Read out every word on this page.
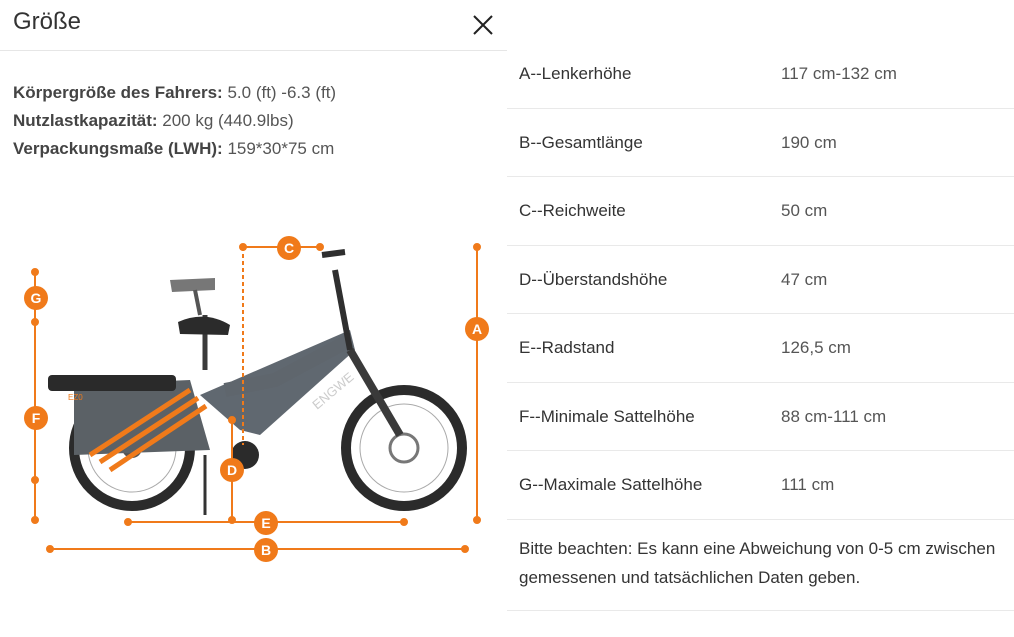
Größe
Körpergröße des Fahrers: 5.0 (ft) -6.3 (ft)
Nutzlastkapazität: 200 kg (440.9lbs)
Verpackungsmaße (LWH): 159*30*75 cm
ENGWE
EZ0
G
C
A
F
D
E
B
A--Lenkerhöhe	117 cm-132 cm
B--Gesamtlänge	190 cm
C--Reichweite	50 cm
D--Überstandshöhe	47 cm
E--Radstand	126,5 cm
F--Minimale Sattelhöhe	88 cm-111 cm
G--Maximale Sattelhöhe	111 cm

Bitte beachten: Es kann eine Abweichung von 0-5 cm zwischen gemessenen und tatsächlichen Daten geben.
